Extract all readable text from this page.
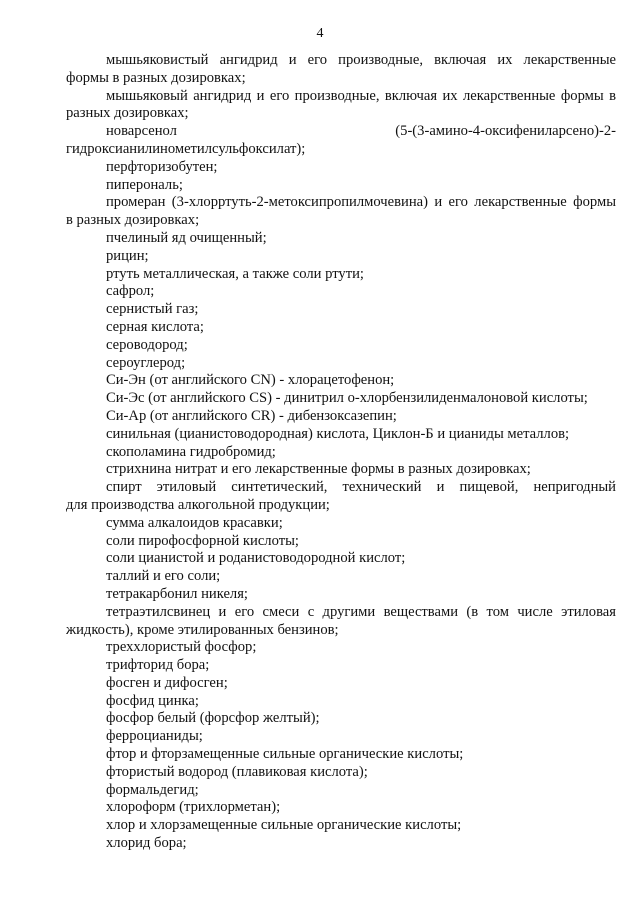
4
мышьяковистый ангидрид и его производные, включая их лекарственные
формы в разных дозировках;
мышьяковый ангидрид и его производные, включая их лекарственные формы в
разных дозировках;
новарсенол	(5-(3-амино-4-оксифениларсено)-2-
гидроксианилинометилсульфоксилат);
перфторизобутен;
пиперональ;
промеран (3-хлорртуть-2-метоксипропилмочевина) и его лекарственные формы
в разных дозировках;
пчелиный яд очищенный;
рицин;
ртуть металлическая, а также соли ртути;
сафрол;
сернистый газ;
серная кислота;
сероводород;
сероуглерод;
Си-Эн (от английского CN) - хлорацетофенон;
Си-Эс (от английского CS) - динитрил о-хлорбензилиденмалоновой кислоты;
Си-Ар (от английского CR) - дибензоксазепин;
синильная (цианистоводородная) кислота, Циклон-Б и цианиды металлов;
скополамина гидробромид;
стрихнина нитрат и его лекарственные формы в разных дозировках;
спирт этиловый синтетический, технический и пищевой, непригодный
для производства алкогольной продукции;
сумма алкалоидов красавки;
соли пирофосфорной кислоты;
соли цианистой и роданистоводородной кислот;
таллий и его соли;
тетракарбонил никеля;
тетраэтилсвинец и его смеси с другими веществами (в том числе этиловая
жидкость), кроме этилированных бензинов;
треххлористый фосфор;
трифторид бора;
фосген и дифосген;
фосфид цинка;
фосфор белый (форсфор желтый);
ферроцианиды;
фтор и фторзамещенные сильные органические кислоты;
фтористый водород (плавиковая кислота);
формальдегид;
хлороформ (трихлорметан);
хлор и хлорзамещенные сильные органические кислоты;
хлорид бора;
